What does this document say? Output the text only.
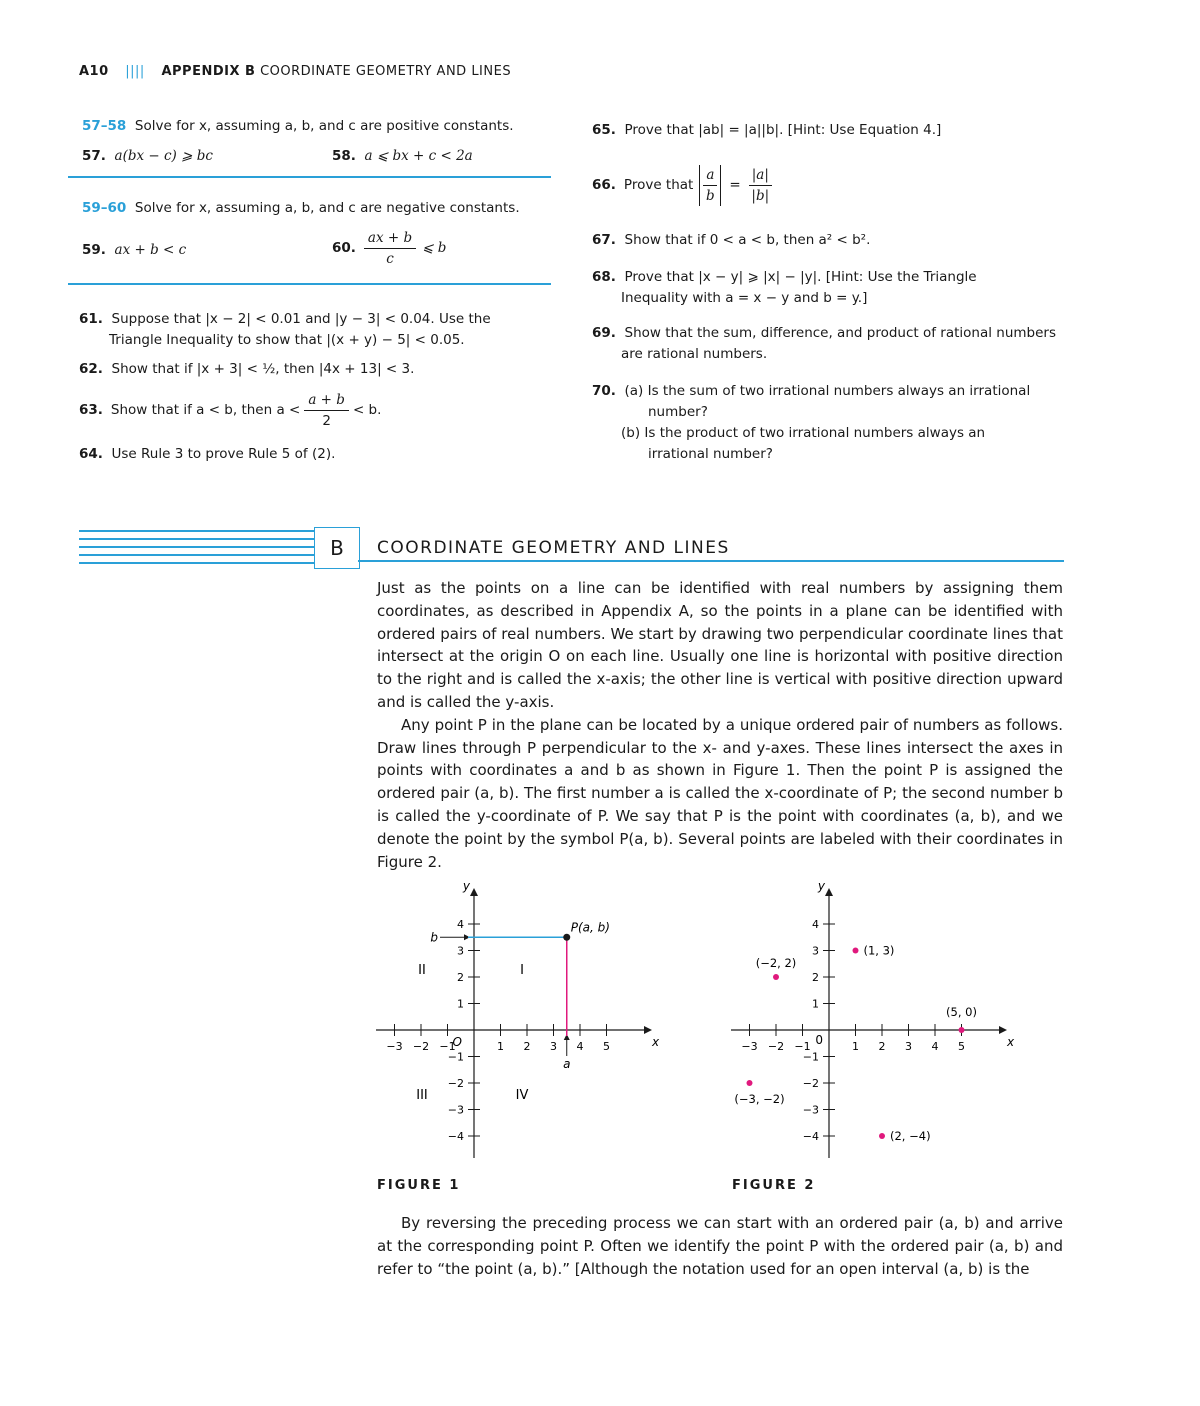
A10 |||| APPENDIX B COORDINATE GEOMETRY AND LINES
57–58 Solve for x, assuming a, b, and c are positive constants.
57. a(bx − c) ⩾ bc	58. a ⩽ bx + c < 2a
59–60 Solve for x, assuming a, b, and c are negative constants.
59. ax + b < c	60. $\frac{ax + b}{c}$ ⩽ b
61. Suppose that |x − 2| < 0.01 and |y − 3| < 0.04. Use the
Triangle Inequality to show that |(x + y) − 5| < 0.05.
62. Show that if |x + 3| < ½, then |4x + 13| < 3.
63. Show that if a < b, then $a < \frac{a + b}{2} < b$.
64. Use Rule 3 to prove Rule 5 of (2).
65. Prove that |ab| = |a||b|. [Hint: Use Equation 4.]
66. Prove that $\frac{a}{b} = \frac{|a|}{|b|}$
67. Show that if 0 < a < b, then a² < b².
68. Prove that |x − y| ⩾ |x| − |y|. [Hint: Use the Triangle
Inequality with a = x − y and b = y.]
69. Show that the sum, difference, and product of rational numbers
are rational numbers.
70. (a) Is the sum of two irrational numbers always an irrational
number?
(b) Is the product of two irrational numbers always an
irrational number?
B COORDINATE GEOMETRY AND LINES

Just as the points on a line can be identified with real numbers by assigning them coordinates, as described in Appendix A, so the points in a plane can be identified with ordered pairs of real numbers. We start by drawing two perpendicular coordinate lines that intersect at the origin O on each line. Usually one line is horizontal with positive direction to the right and is called the x-axis; the other line is vertical with positive direction upward and is called the y-axis.

Any point P in the plane can be located by a unique ordered pair of numbers as follows. Draw lines through P perpendicular to the x- and y-axes. These lines intersect the axes in points with coordinates a and b as shown in Figure 1. Then the point P is assigned the ordered pair (a, b). The first number a is called the x-coordinate of P; the second number b is called the y-coordinate of P. We say that P is the point with coordinates (a, b), and we denote the point by the symbol P(a, b). Several points are labeled with their coordinates in Figure 2.

−3 −2 −1	1 2 3 4 5
4
3
2
1
−1
−2
−3
−4
y
x
O
P(a, b)
a
b
I
II
III	IV
FIGURE 1
−3 −2 −1	1 2 3 4 5
4
3
2
1
−1
−2
−3
−4
(1, 3)
(−2, 2)
(5, 0)
(−3, −2)
(2, −4)
y
x
0
FIGURE 2

By reversing the preceding process we can start with an ordered pair (a, b) and arrive at the corresponding point P. Often we identify the point P with the ordered pair (a, b) and refer to “the point (a, b).” [Although the notation used for an open interval (a, b) is the
